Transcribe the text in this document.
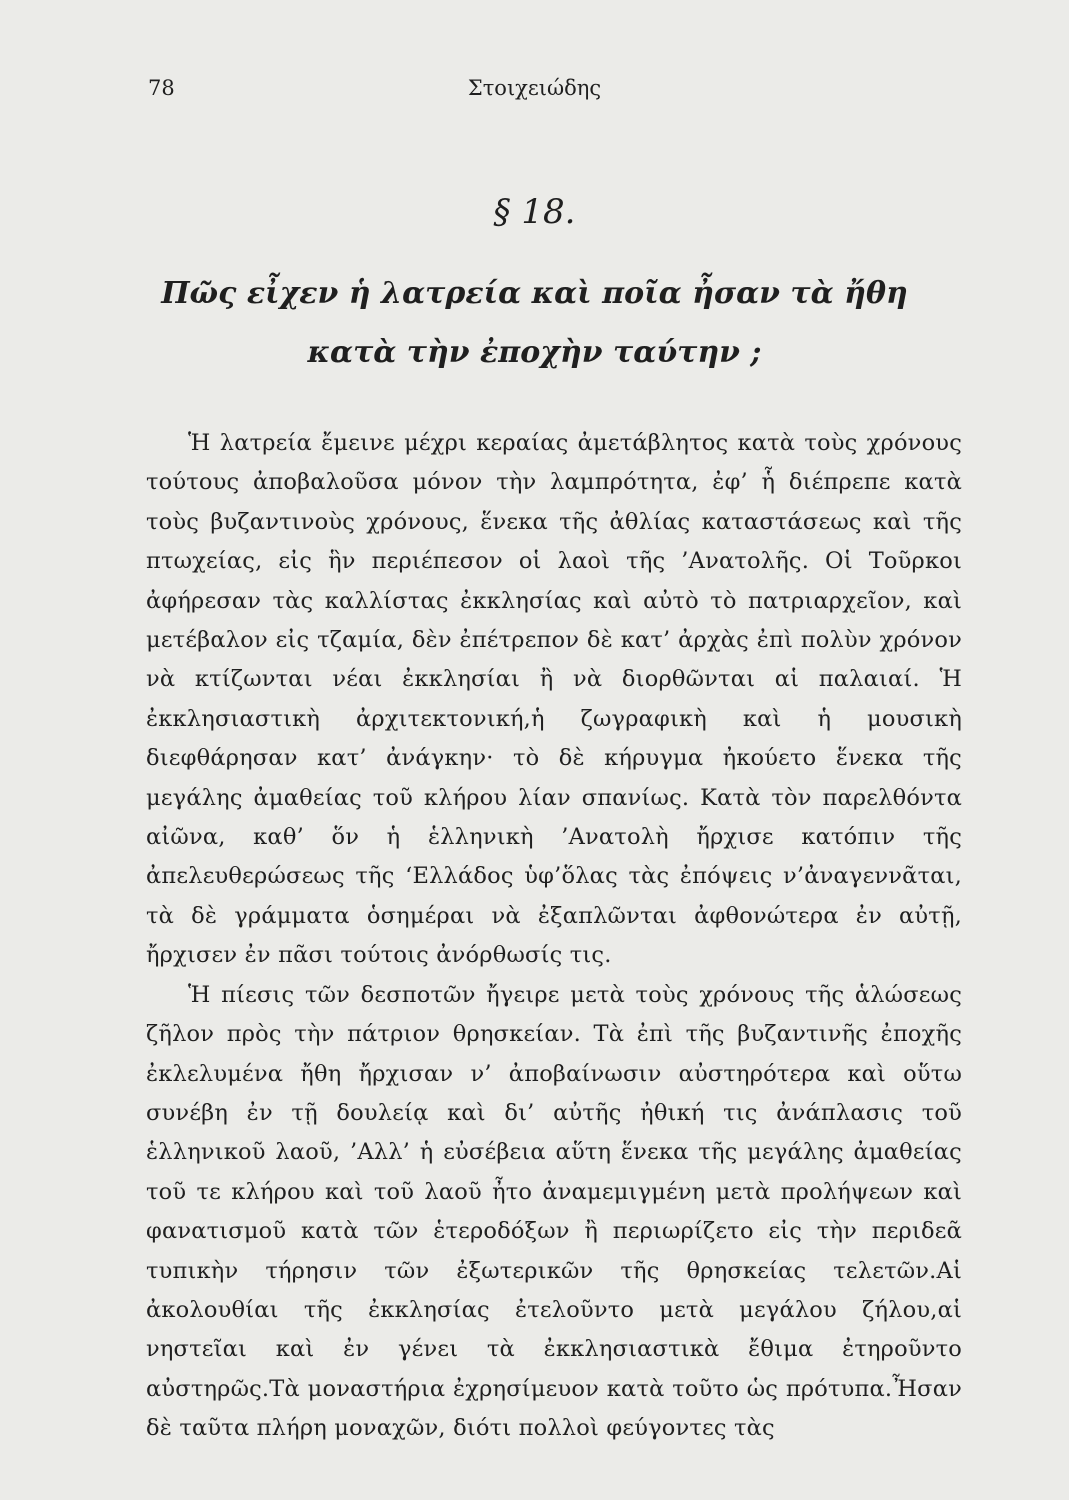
78	Στοιχειώδης
§ 18.
Πῶς εἶχεν ἡ λατρεία καὶ ποῖα ἦσαν τὰ ἤθη
κατὰ τὴν ἐποχὴν ταύτην ;

Ἡ λατρεία ἔμεινε μέχρι κεραίας ἀμετάβλητος κατὰ τοὺς χρόνους τούτους ἀποβαλοῦσα μόνον τὴν λαμπρότητα, ἐφ’ ἧ διέπρεπε κατὰ τοὺς βυζαντινοὺς χρόνους, ἕνεκα τῆς ἀθλίας καταστάσεως καὶ τῆς πτωχείας, εἰς ἣν περιέπεσον οἱ λαοὶ τῆς ’Ανατολῆς. Οἱ Τοῦρκοι ἀφήρεσαν τὰς καλλίστας ἐκκλησίας καὶ αὐτὸ τὸ πατριαρχεῖον, καὶ μετέβαλον εἰς τζαμία, δὲν ἐπέτρεπον δὲ κατ’ ἀρχὰς ἐπὶ πολὺν χρόνον νὰ κτίζωνται νέαι ἐκκλησίαι ἢ νὰ διορθῶνται αἱ παλαιαί. Ἡ ἐκκλησιαστικὴ ἀρχιτεκτονική,ἡ ζωγραφικὴ καὶ ἡ μουσικὴ διεφθάρησαν κατ’ ἀνάγκην· τὸ δὲ κήρυγμα ἠκούετο ἕνεκα τῆς μεγάλης ἀμαθείας τοῦ κλήρου λίαν σπανίως. Κατὰ τὸν παρελθόντα αἰῶνα, καθ’ ὅν ἡ ἑλληνικὴ ’Ανατολὴ ἤρχισε κατόπιν τῆς ἀπελευθερώσεως τῆς ‘Ελλάδος ὑφ’ὅλας τὰς ἐπόψεις ν’ἀναγεννᾶται, τὰ δὲ γράμματα ὁσημέραι νὰ ἐξαπλῶνται ἀφθονώτερα ἐν αὐτῇ, ἤρχισεν ἐν πᾶσι τούτοις ἀνόρθωσίς τις.

Ἡ πίεσις τῶν δεσποτῶν ἤγειρε μετὰ τοὺς χρόνους τῆς ἁλώσεως ζῆλον πρὸς τὴν πάτριον θρησκείαν. Τὰ ἐπὶ τῆς βυζαντινῆς ἐποχῆς ἐκλελυμένα ἤθη ἤρχισαν ν’ ἀποβαίνωσιν αὐστηρότερα καὶ οὕτω συνέβη ἐν τῇ δουλείᾳ καὶ δι’ αὐτῆς ἠθική τις ἀνάπλασις τοῦ ἑλληνικοῦ λαοῦ, ’Αλλ’ ἡ εὐσέβεια αὕτη ἕνεκα τῆς μεγάλης ἀμαθείας τοῦ τε κλήρου καὶ τοῦ λαοῦ ἦτο ἀναμεμιγμένη μετὰ προλήψεων καὶ φανατισμοῦ κατὰ τῶν ἑτεροδόξων ἢ περιωρίζετο εἰς τὴν περιδεᾶ τυπικὴν τήρησιν τῶν ἐξωτερικῶν τῆς θρησκείας τελετῶν.Αἱ ἀκολουθίαι τῆς ἐκκλησίας ἐτελοῦντο μετὰ μεγάλου ζήλου,αἱ νηστεῖαι καὶ ἐν γένει τὰ ἐκκλησιαστικὰ ἔθιμα ἐτηροῦντο αὐστηρῶς.Τὰ μοναστήρια ἐχρησίμευον κατὰ τοῦτο ὡς πρότυπα.Ἦσαν δὲ ταῦτα πλήρη μοναχῶν, διότι πολλοὶ φεύγοντες τὰς
